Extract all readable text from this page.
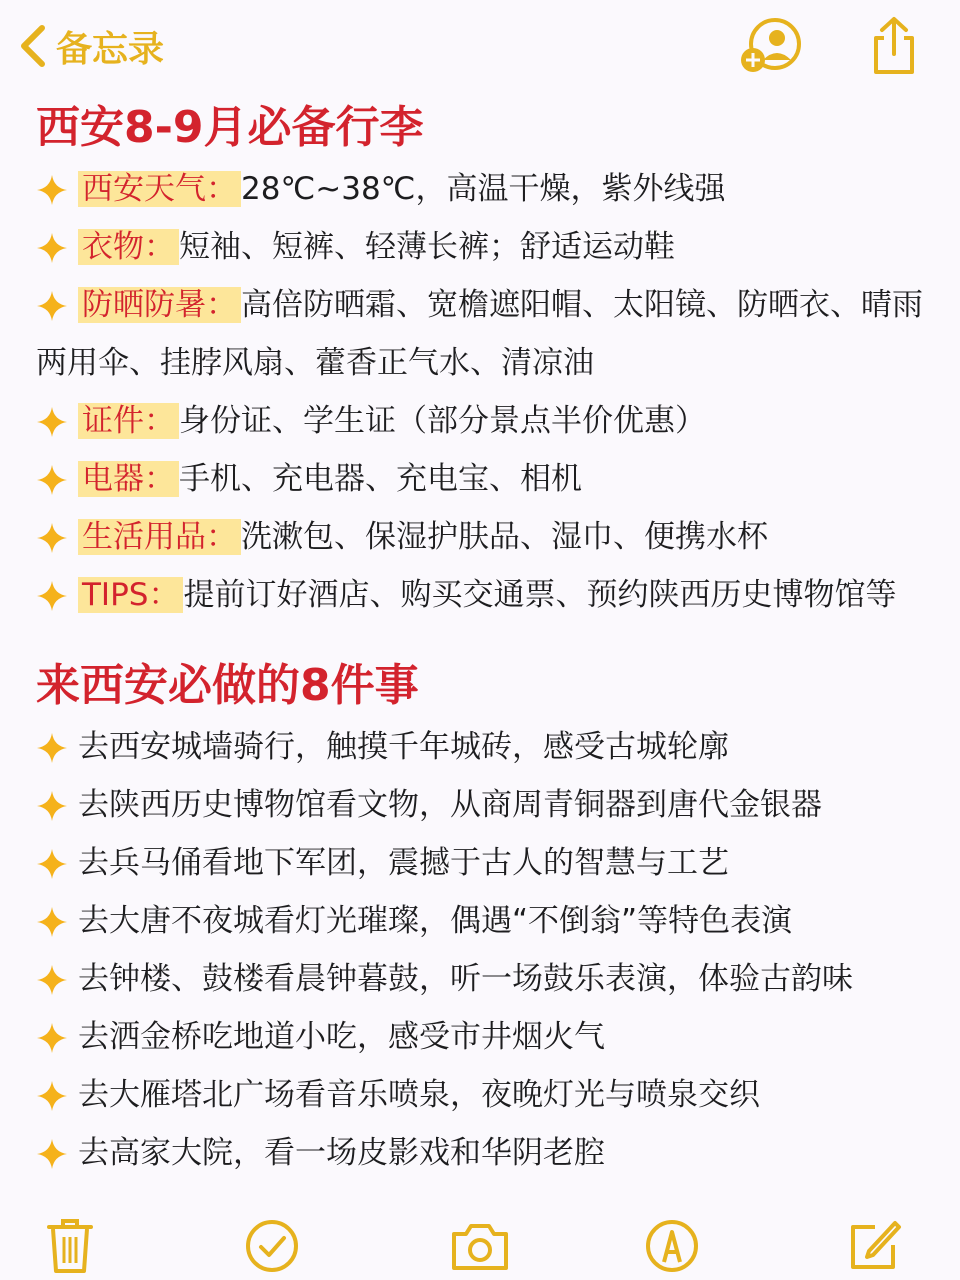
备忘录
西安8-9月必备行李
西安天气： 28℃~38℃，高温干燥，紫外线强
衣物： 短袖、短裤、轻薄长裤；舒适运动鞋
防晒防暑： 高倍防晒霜、宽檐遮阳帽、太阳镜、防晒衣、晴雨两用伞、挂脖风扇、藿香正气水、清凉油
证件： 身份证、学生证（部分景点半价优惠）
电器： 手机、充电器、充电宝、相机
生活用品： 洗漱包、保湿护肤品、湿巾、便携水杯
TIPS： 提前订好酒店、购买交通票、预约陕西历史博物馆等
来西安必做的8件事
去西安城墙骑行，触摸千年城砖，感受古城轮廓
去陕西历史博物馆看文物，从商周青铜器到唐代金银器
去兵马俑看地下军团，震撼于古人的智慧与工艺
去大唐不夜城看灯光璀璨，偶遇“不倒翁”等特色表演
去钟楼、鼓楼看晨钟暮鼓，听一场鼓乐表演，体验古韵味
去洒金桥吃地道小吃，感受市井烟火气
去大雁塔北广场看音乐喷泉，夜晚灯光与喷泉交织
去高家大院，看一场皮影戏和华阴老腔
